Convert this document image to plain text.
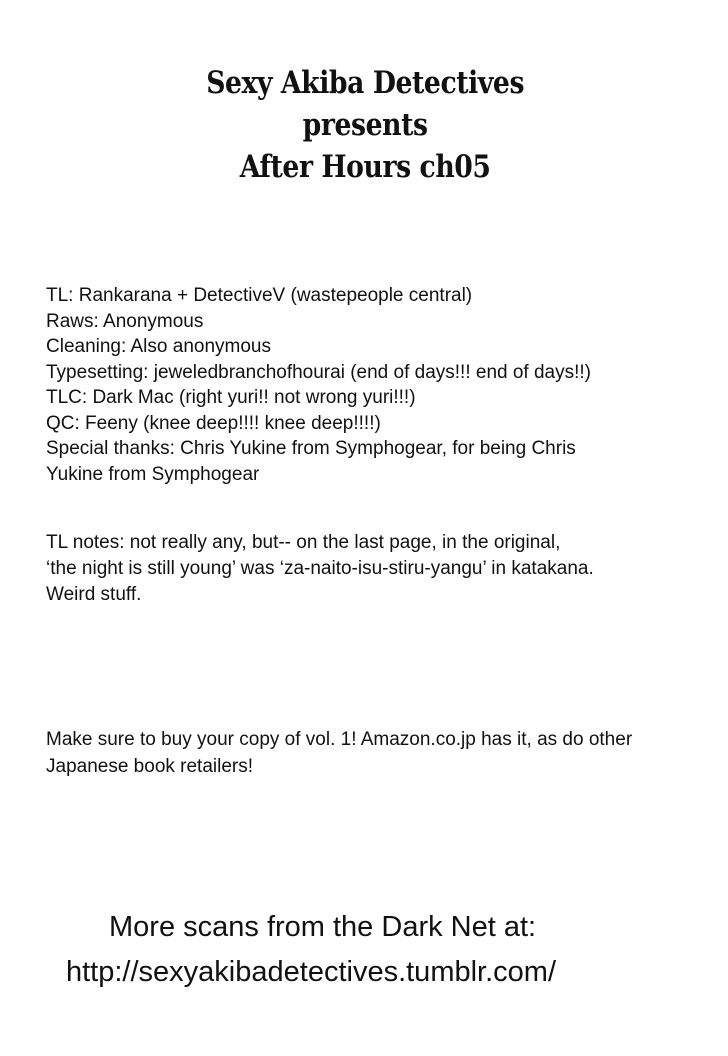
Sexy Akiba Detectives
presents
After Hours ch05
TL: Rankarana + DetectiveV (wastepeople central)
Raws: Anonymous
Cleaning: Also anonymous
Typesetting: jeweledbranchofhourai (end of days!!! end of days!!)
TLC: Dark Mac (right yuri!! not wrong yuri!!!)
QC: Feeny (knee deep!!!! knee deep!!!!)
Special thanks: Chris Yukine from Symphogear, for being Chris
Yukine from Symphogear
TL notes: not really any, but-- on the last page, in the original,
‘the night is still young’ was ‘za-naito-isu-stiru-yangu’ in katakana.
Weird stuff.
Make sure to buy your copy of vol. 1! Amazon.co.jp has it, as do other
Japanese book retailers!
More scans from the Dark Net at:
http://sexyakibadetectives.tumblr.com/
